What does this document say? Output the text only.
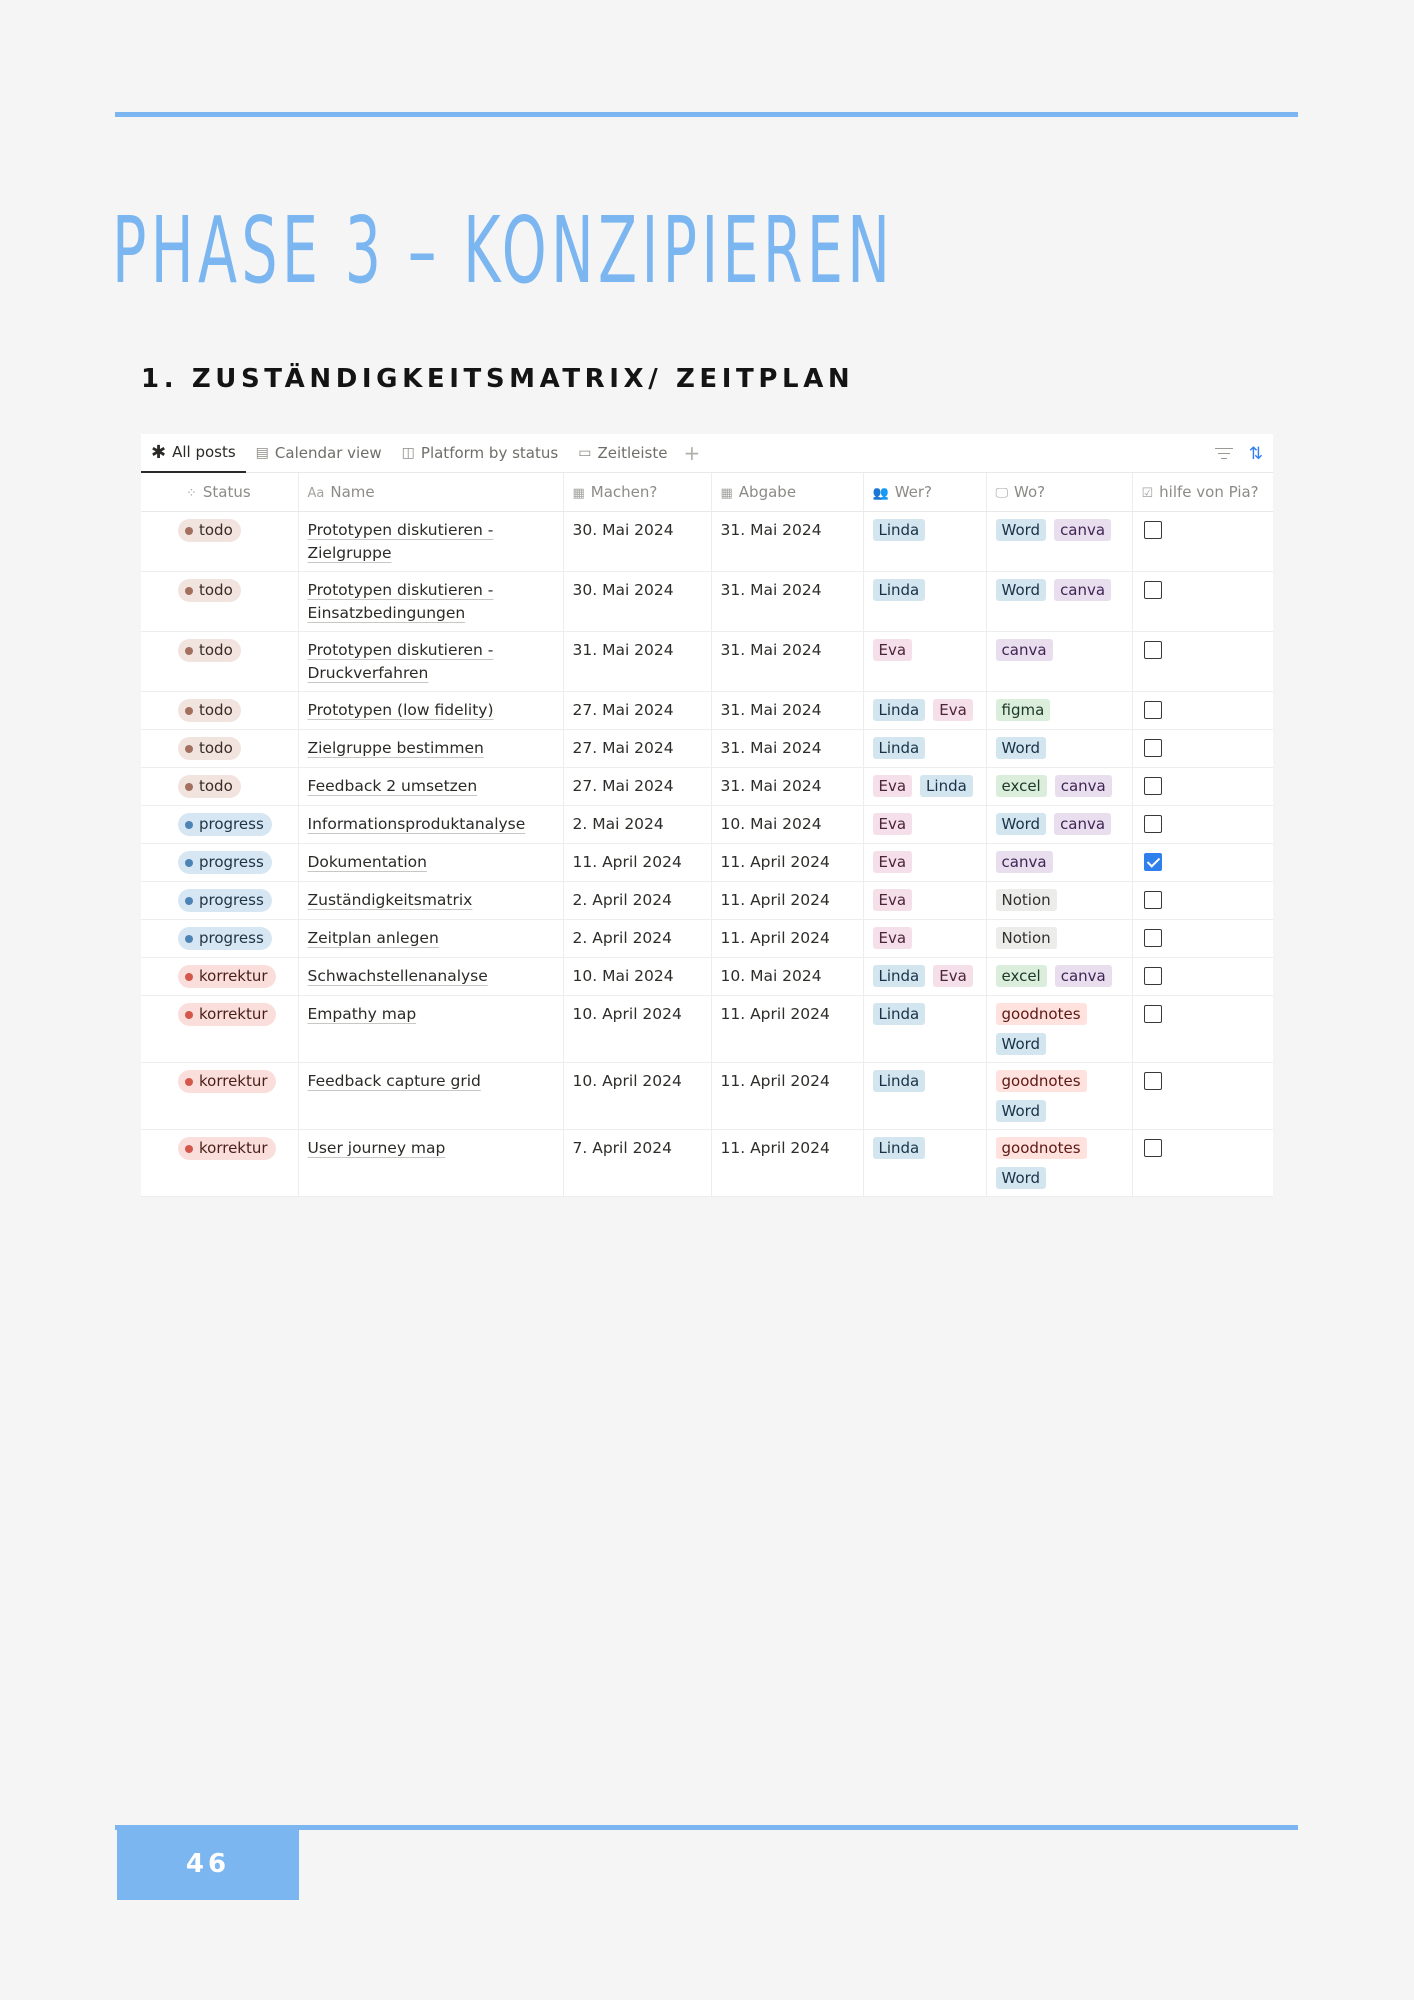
PHASE 3 – KONZIPIEREN
1. ZUSTÄNDIGKEITSMATRIX/ ZEITPLAN
✱ All posts ▤ Calendar view ◫ Platform by status ▭ Zeitleiste +	⇅
⁘ Status	Aa Name	▦ Machen?	▦ Abgabe	👥 Wer?	🖵 Wo?	☑ hilfe von Pia?

todo	Prototypen diskutieren -
Zielgruppe	30. Mai 2024	31. Mai 2024	Linda	Word canva	

todo	Prototypen diskutieren -
Einsatzbedingungen	30. Mai 2024	31. Mai 2024	Linda	Word canva	

todo	Prototypen diskutieren -
Druckverfahren	31. Mai 2024	31. Mai 2024	Eva	canva	

todo	Prototypen (low fidelity)	27. Mai 2024	31. Mai 2024	Linda Eva	figma	

todo	Zielgruppe bestimmen	27. Mai 2024	31. Mai 2024	Linda	Word	

todo	Feedback 2 umsetzen	27. Mai 2024	31. Mai 2024	Eva Linda	excel canva	

progress	Informationsproduktanalyse	2. Mai 2024	10. Mai 2024	Eva	Word canva	

progress	Dokumentation	11. April 2024	11. April 2024	Eva	canva	

progress	Zuständigkeitsmatrix	2. April 2024	11. April 2024	Eva	Notion	

progress	Zeitplan anlegen	2. April 2024	11. April 2024	Eva	Notion	

korrektur	Schwachstellenanalyse	10. Mai 2024	10. Mai 2024	Linda Eva	excel canva	

korrektur	Empathy map	10. April 2024	11. April 2024	Linda	goodnotes
Word	

korrektur	Feedback capture grid	10. April 2024	11. April 2024	Linda	goodnotes
Word	

korrektur	User journey map	7. April 2024	11. April 2024	Linda	goodnotes
Word	

46
